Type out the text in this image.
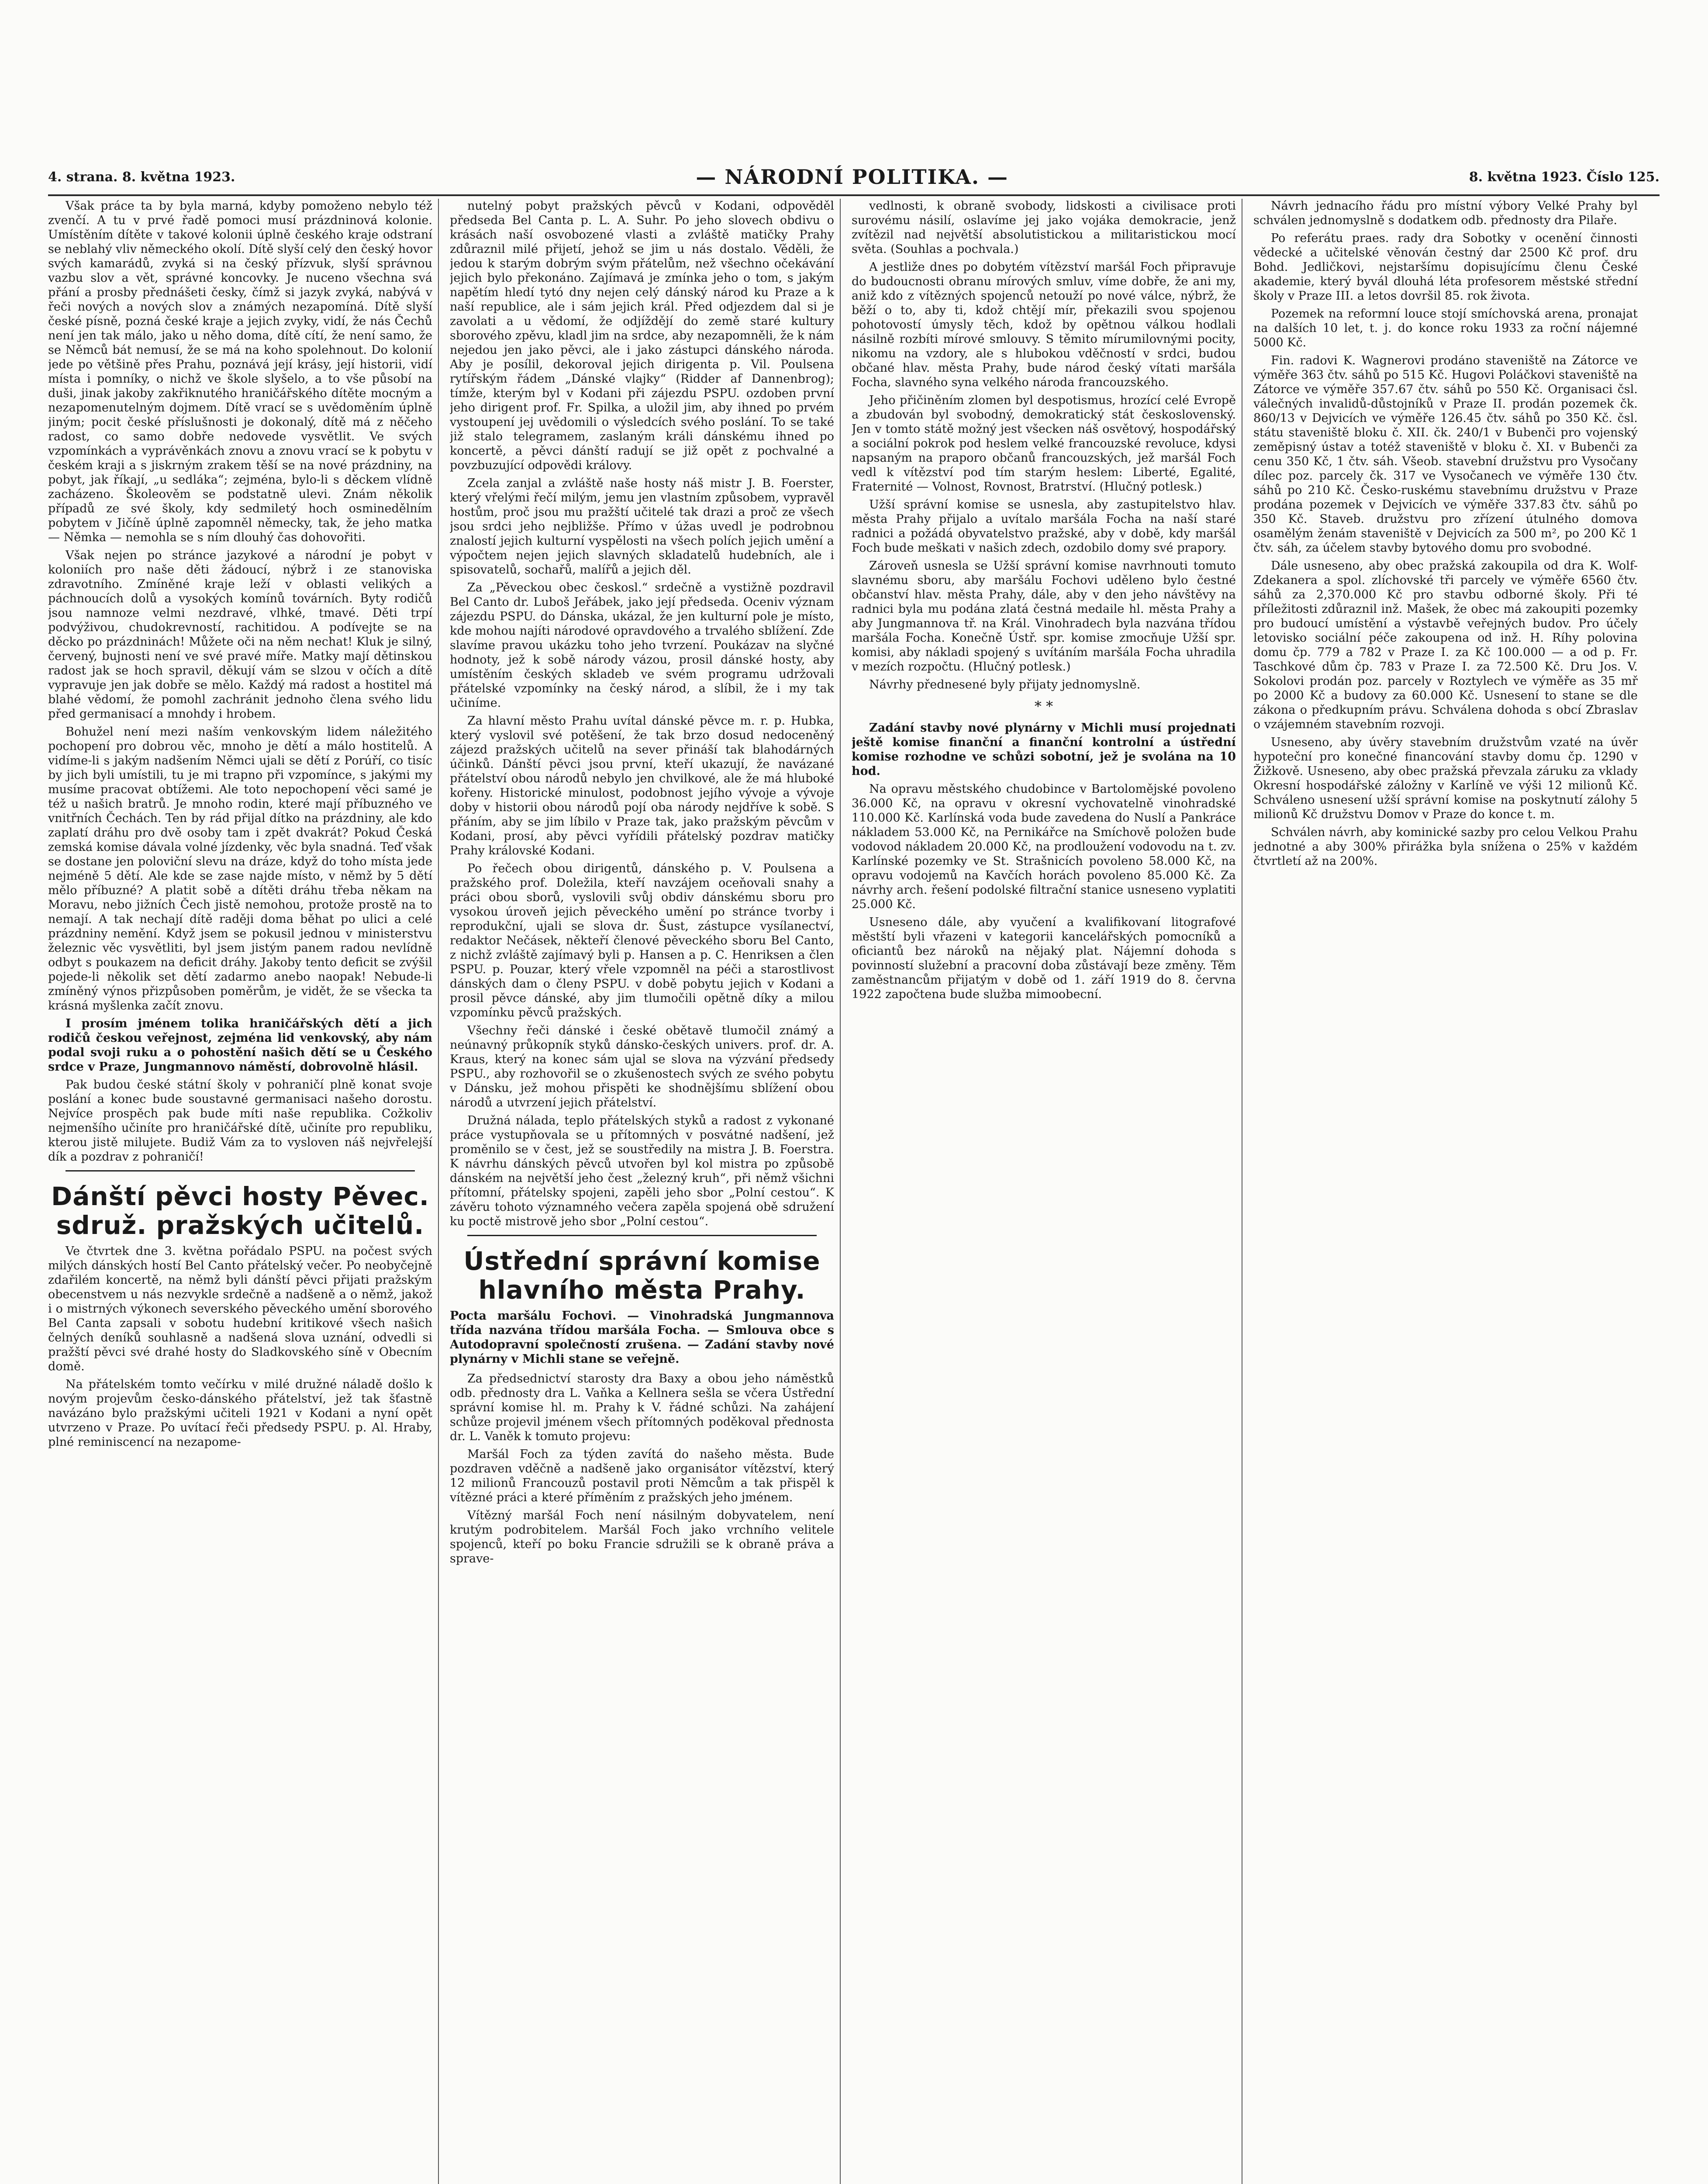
4. strana. 8. května 1923.	— NÁRODNÍ POLITIKA. —	8. května 1923. Číslo 125.

Však práce ta by byla marná, kdyby pomoženo nebylo též zvenčí. A tu v prvé řadě pomoci musí prázdninová kolonie. Umístěním dítěte v takové kolonii úplně českého kraje odstraní se neblahý vliv německého okolí. Dítě slyší celý den český hovor svých kamarádů, zvyká si na český přízvuk, slyší správnou vazbu slov a vět, správné koncovky. Je nuceno všechna svá přání a prosby přednášeti česky, čímž si jazyk zvyká, nabývá v řeči nových a nových slov a známých nezapomíná. Dítě slyší české písně, pozná české kraje a jejich zvyky, vidí, že nás Čechů není jen tak málo, jako u něho doma, dítě cítí, že není samo, že se Němců bát nemusí, že se má na koho spolehnout. Do kolonií jede po většině přes Prahu, poznává její krásy, její historii, vidí místa i pomníky, o nichž ve škole slyšelo, a to vše působí na duši, jinak jakoby zakřiknutého hraničářského dítěte mocným a nezapomenutelným dojmem. Dítě vrací se s uvědoměním úplně jiným; pocit české příslušnosti je dokonalý, dítě má z něčeho radost, co samo dobře nedovede vysvětlit. Ve svých vzpomínkách a vyprávěnkách znovu a znovu vrací se k pobytu v českém kraji a s jiskrným zrakem těší se na nové prázdniny, na pobyt, jak říkají, „u sedláka“; zejména, bylo-li s děckem vlídně zacházeno. Školeověm se podstatně ulevi. Znám několik případů ze své školy, kdy sedmiletý hoch osminedělním pobytem v Jičíně úplně zapomněl německy, tak, že jeho matka — Němka — nemohla se s ním dlouhý čas dohovořiti.

Však nejen po stránce jazykové a národní je pobyt v koloniích pro naše děti žádoucí, nýbrž i ze stanoviska zdravotního. Zmíněné kraje leží v oblasti velikých a páchnoucích dolů a vysokých komínů továrních. Byty rodičů jsou namnoze velmi nezdravé, vlhké, tmavé. Děti trpí podvýživou, chudokrevností, rachitidou. A podívejte se na děcko po prázdninách! Můžete oči na něm nechat! Kluk je silný, červený, bujnosti není ve své pravé míře. Matky mají dětinskou radost jak se hoch spravil, děkují vám se slzou v očích a dítě vypravuje jen jak dobře se mělo. Každý má radost a hostitel má blahé vědomí, že pomohl zachránit jednoho člena svého lidu před germanisací a mnohdy i hrobem.

Bohužel není mezi naším venkovským lidem náležitého pochopení pro dobrou věc, mnoho je dětí a málo hostitelů. A vidíme-li s jakým nadšením Němci ujali se dětí z Porúří, co tisíc by jich byli umístili, tu je mi trapno při vzpomínce, s jakými my musíme pracovat obtížemi. Ale toto nepochopení věci samé je též u našich bratrů. Je mnoho rodin, které mají příbuzného ve vnitřních Čechách. Ten by rád přijal dítko na prázdniny, ale kdo zaplatí dráhu pro dvě osoby tam i zpět dvakrát? Pokud Česká zemská komise dávala volné jízdenky, věc byla snadná. Teď však se dostane jen poloviční slevu na dráze, když do toho místa jede nejméně 5 dětí. Ale kde se zase najde místo, v němž by 5 dětí mělo příbuzné? A platit sobě a dítěti dráhu třeba někam na Moravu, nebo jižních Čech jistě nemohou, protože prostě na to nemají. A tak nechají dítě raději doma běhat po ulici a celé prázdniny nemění. Když jsem se pokusil jednou v ministerstvu železnic věc vysvětliti, byl jsem jistým panem radou nevlídně odbyt s poukazem na deficit dráhy. Jakoby tento deficit se zvýšil pojede-li několik set dětí zadarmo anebo naopak! Nebude-li zmíněný výnos přizpůsoben poměrům, je vidět, že se všecka ta krásná myšlenka začít znovu.

I prosím jménem tolika hraničářských dětí a jich rodičů českou veřejnost, zejména lid venkovský, aby nám podal svoji ruku a o pohostění našich dětí se u Českého srdce v Praze, Jungmannovo náměstí, dobrovolně hlásil.

Pak budou české státní školy v pohraničí plně konat svoje poslání a konec bude soustavné germanisaci našeho dorostu. Nejvíce prospěch pak bude míti naše republika. Cožkoliv nejmenšího učiníte pro hraničářské dítě, učiníte pro republiku, kterou jistě milujete. Budiž Vám za to vysloven náš nejvřelejší dík a pozdrav z pohraničí!

Dánští pěvci hosty Pěvec. sdruž. pražských učitelů.

Ve čtvrtek dne 3. května pořádalo PSPU. na počest svých milých dánských hostí Bel Canto přátelský večer. Po neobyčejně zdařilém koncertě, na němž byli dánští pěvci přijati pražským obecenstvem u nás nezvykle srdečně a nadšeně a o němž, jakož i o mistrných výkonech severského pěveckého umění sborového Bel Canta zapsali v sobotu hudební kritikové všech našich čelných deníků souhlasně a nadšená slova uznání, odvedli si pražští pěvci své drahé hosty do Sladkovského síně v Obecním domě.

Na přátelském tomto večírku v milé družné náladě došlo k novým projevům česko-dánského přátelství, jež tak šťastně navázáno bylo pražskými učiteli 1921 v Kodani a nyní opět utvrzeno v Praze. Po uvítací řeči předsedy PSPU. p. Al. Hraby, plné reminiscencí na nezapome-

nutelný pobyt pražských pěvců v Kodani, odpověděl předseda Bel Canta p. L. A. Suhr. Po jeho slovech obdivu o krásách naší osvobozené vlasti a zvláště matičky Prahy zdůraznil milé přijetí, jehož se jim u nás dostalo. Věděli, že jedou k starým dobrým svým přátelům, než všechno očekávání jejich bylo překonáno. Zajímavá je zmínka jeho o tom, s jakým napětím hledí tytó dny nejen celý dánský národ ku Praze a k naší republice, ale i sám jejich král. Před odjezdem dal si je zavolati a u vědomí, že odjíždějí do země staré kultury sborového zpěvu, kladl jim na srdce, aby nezapomněli, že k nám nejedou jen jako pěvci, ale i jako zástupci dánského národa. Aby je posílil, dekoroval jejich dirigenta p. Vil. Poulsena rytířským řádem „Dánské vlajky“ (Ridder af Dannenbrog); tímže, kterým byl v Kodani při zájezdu PSPU. ozdoben první jeho dirigent prof. Fr. Spilka, a uložil jim, aby ihned po prvém vystoupení jej uvědomili o výsledcích svého poslání. To se také již stalo telegramem, zaslaným králi dánskému ihned po koncertě, a pěvci dánští radují se již opět z pochvalné a povzbuzující odpovědi královy.

Zcela zanjal a zvláště naše hosty náš mistr J. B. Foerster, který vřelými řečí milým, jemu jen vlastním způsobem, vypravěl hostům, proč jsou mu pražští učitelé tak drazi a proč ze všech jsou srdci jeho nejbližše. Přímo v úžas uvedl je podrobnou znalostí jejich kulturní vyspělosti na všech polích jejich umění a výpočtem nejen jejich slavných skladatelů hudebních, ale i spisovatelů, sochařů, malířů a jejich děl.

Za „Pěveckou obec českosl.“ srdečně a vystižně pozdravil Bel Canto dr. Luboš Jeřábek, jako její předseda. Oceniv význam zájezdu PSPU. do Dánska, ukázal, že jen kulturní pole je místo, kde mohou najíti národové opravdového a trvalého sblížení. Zde slavíme pravou ukázku toho jeho tvrzení. Poukázav na slyčné hodnoty, jež k sobě národy vázou, prosil dánské hosty, aby umístěním českých skladeb ve svém programu udržovali přátelské vzpomínky na český národ, a slíbil, že i my tak učiníme.

Za hlavní město Prahu uvítal dánské pěvce m. r. p. Hubka, který vyslovil své potěšení, že tak brzo dosud nedoceněný zájezd pražských učitelů na sever přináší tak blahodárných účinků. Dánští pěvci jsou první, kteří ukazují, že navázané přátelství obou národů nebylo jen chvilkové, ale že má hluboké kořeny. Historické minulost, podobnost jejího vývoje a vývoje doby v historii obou národů pojí oba národy nejdříve k sobě. S přáním, aby se jim líbilo v Praze tak, jako pražským pěvcům v Kodani, prosí, aby pěvci vyřídili přátelský pozdrav matičky Prahy královské Kodani.

Po řečech obou dirigentů, dánského p. V. Poulsena a pražského prof. Doležila, kteří navzájem oceňovali snahy a práci obou sborů, vyslovili svůj obdiv dánskému sboru pro vysokou úroveň jejich pěveckého umění po stránce tvorby i reprodukční, ujali se slova dr. Šust, zástupce vysílanectví, redaktor Nečásek, někteří členové pěveckého sboru Bel Canto, z nichž zvláště zajímavý byli p. Hansen a p. C. Henriksen a člen PSPU. p. Pouzar, který vřele vzpomněl na péči a starostlivost dánských dam o členy PSPU. v době pobytu jejich v Kodani a prosil pěvce dánské, aby jim tlumočili opětně díky a milou vzpomínku pěvců pražských.

Všechny řeči dánské i české obětavě tlumočil známý a neúnavný průkopník styků dánsko-českých univers. prof. dr. A. Kraus, který na konec sám ujal se slova na výzvání předsedy PSPU., aby rozhovořil se o zkušenostech svých ze svého pobytu v Dánsku, jež mohou přispěti ke shodnějšímu sblížení obou národů a utvrzení jejich přátelství.

Družná nálada, teplo přátelských styků a radost z vykonané práce vystupňovala se u přítomných v posvátné nadšení, jež proměnilo se v čest, jež se soustředily na mistra J. B. Foerstra. K návrhu dánských pěvců utvořen byl kol mistra po způsobě dánském na největší jeho čest „železný kruh“, při němž všichni přítomní, přátelsky spojeni, zapěli jeho sbor „Polní cestou“. K závěru tohoto významného večera zapěla spojená obě sdružení ku poctě mistrově jeho sbor „Polní cestou“.

Ústřední správní komise hlavního města Prahy.

Pocta maršálu Fochovi. — Vinohradská Jungmannova třída nazvána třídou maršála Focha. — Smlouva obce s Autodopravní společností zrušena. — Zadání stavby nové plynárny v Michli stane se veřejně.

Za předsednictví starosty dra Baxy a obou jeho náměstků odb. přednosty dra L. Vaňka a Kellnera sešla se včera Ústřední správní komise hl. m. Prahy k V. řádné schůzi. Na zahájení schůze projevil jménem všech přítomných poděkoval přednosta dr. L. Vaněk k tomuto projevu:

Maršál Foch za týden zavítá do našeho města. Bude pozdraven vděčně a nadšeně jako organisátor vítězství, který 12 milionů Francouzů postavil proti Němcům a tak přispěl k vítězné práci a které příměním z pražských jeho jménem.

Vítězný maršál Foch není násilným dobyvatelem, není krutým podrobitelem. Maršál Foch jako vrchního velitele spojenců, kteří po boku Francie sdružili se k obraně práva a sprave-

vedlnosti, k obraně svobody, lidskosti a civilisace proti surovému násilí, oslavíme jej jako vojáka demokracie, jenž zvítězil nad největší absolutistickou a militaristickou mocí světa. (Souhlas a pochvala.)

A jestliže dnes po dobytém vítězství maršál Foch připravuje do budoucnosti obranu mírových smluv, víme dobře, že ani my, aniž kdo z vítězných spojenců netouží po nové válce, nýbrž, že běží o to, aby ti, kdož chtějí mír, překazili svou spojenou pohotovostí úmysly těch, kdož by opětnou válkou hodlali násilně rozbíti mírové smlouvy. S těmito mírumilovnými pocity, nikomu na vzdory, ale s hlubokou vděčností v srdci, budou občané hlav. města Prahy, bude národ český vítati maršála Focha, slavného syna velkého národa francouzského.

Jeho přičiněním zlomen byl despotismus, hrozící celé Evropě a zbudován byl svobodný, demokratický stát československý. Jen v tomto státě možný jest všecken náš osvětový, hospodářský a sociální pokrok pod heslem velké francouzské revoluce, kdysi napsaným na praporo občanů francouzských, jež maršál Foch vedl k vítězství pod tím starým heslem: Liberté, Egalité, Fraternité — Volnost, Rovnost, Bratrství. (Hlučný potlesk.)

Užší správní komise se usnesla, aby zastupitelstvo hlav. města Prahy přijalo a uvítalo maršála Focha na naší staré radnici a požádá obyvatelstvo pražské, aby v době, kdy maršál Foch bude meškati v našich zdech, ozdobilo domy své prapory.

Zároveň usnesla se Užší správní komise navrhnouti tomuto slavnému sboru, aby maršálu Fochovi uděleno bylo čestné občanství hlav. města Prahy, dále, aby v den jeho návštěvy na radnici byla mu podána zlatá čestná medaile hl. města Prahy a aby Jungmannova tř. na Král. Vinohradech byla nazvána třídou maršála Focha. Konečně Ústř. spr. komise zmocňuje Užší spr. komisi, aby nákladi spojený s uvítáním maršála Focha uhradila v mezích rozpočtu. (Hlučný potlesk.)

Návrhy přednesené byly přijaty jednomyslně.

* *

Zadání stavby nové plynárny v Michli musí projednati ještě komise finanční a finanční kontrolní a ústřední komise rozhodne ve schůzi sobotní, jež je svolána na 10 hod.

Na opravu městského chudobince v Bartolomějské povoleno 36.000 Kč, na opravu v okresní vychovatelně vinohradské 110.000 Kč. Karlínská voda bude zavedena do Nuslí a Pankráce nákladem 53.000 Kč, na Pernikářce na Smíchově položen bude vodovod nákladem 20.000 Kč, na prodloužení vodovodu na t. zv. Karlínské pozemky ve St. Strašnicích povoleno 58.000 Kč, na opravu vodojemů na Kavčích horách povoleno 85.000 Kč. Za návrhy arch. řešení podolské filtrační stanice usneseno vyplatiti 25.000 Kč.

Usneseno dále, aby vyučení a kvalifikovaní litografové městští byli vřazeni v kategorii kancelářských pomocníků a oficiantů bez nároků na nějaký plat. Nájemní dohoda s povinností služební a pracovní doba zůstávají beze změny. Těm zaměstnancům přijatým v době od 1. září 1919 do 8. června 1922 započtena bude služba mimoobecní.

Návrh jednacího řádu pro místní výbory Velké Prahy byl schválen jednomyslně s dodatkem odb. přednosty dra Pilaře.

Po referátu praes. rady dra Sobotky v ocenění činnosti vědecké a učitelské věnován čestný dar 2500 Kč prof. dru Bohd. Jedličkovi, nejstaršímu dopisujícímu členu České akademie, který byvál dlouhá léta profesorem městské střední školy v Praze III. a letos dovršil 85. rok života.

Pozemek na reformní louce stojí smíchovská arena, pronajat na dalších 10 let, t. j. do konce roku 1933 za roční nájemné 5000 Kč.

Fin. radovi K. Wagnerovi prodáno staveniště na Zátorce ve výměře 363 čtv. sáhů po 515 Kč. Hugovi Poláčkovi staveniště na Zátorce ve výměře 357.67 čtv. sáhů po 550 Kč. Organisaci čsl. válečných invalidů-důstojníků v Praze II. prodán pozemek čk. 860/13 v Dejvicích ve výměře 126.45 čtv. sáhů po 350 Kč. čsl. státu staveniště bloku č. XII. čk. 240/1 v Bubenči pro vojenský zeměpisný ústav a totéž staveniště v bloku č. XI. v Bubenči za cenu 350 Kč, 1 čtv. sáh. Všeob. stavební družstvu pro Vysočany dílec poz. parcely čk. 317 ve Vysočanech ve výměře 130 čtv. sáhů po 210 Kč. Česko-ruskému stavebnímu družstvu v Praze prodána pozemek v Dejvicích ve výměře 337.83 čtv. sáhů po 350 Kč. Staveb. družstvu pro zřízení útulného domova osamělým ženám staveniště v Dejvicích za 500 m², po 200 Kč 1 čtv. sáh, za účelem stavby bytového domu pro svobodné.

Dále usneseno, aby obec pražská zakoupila od dra K. Wolf-Zdekanera a spol. zlíchovské tři parcely ve výměře 6560 čtv. sáhů za 2,370.000 Kč pro stavbu odborné školy. Při té příležitosti zdůraznil inž. Mašek, že obec má zakoupiti pozemky pro budoucí umístění a výstavbě veřejných budov. Pro účely letovisko sociální péče zakoupena od inž. H. Ríhy polovina domu čp. 779 a 782 v Praze I. za Kč 100.000 — a od p. Fr. Taschkové dům čp. 783 v Praze I. za 72.500 Kč. Dru Jos. V. Sokolovi prodán poz. parcely v Roztylech ve výměře as 35 mř po 2000 Kč a budovy za 60.000 Kč. Usnesení to stane se dle zákona o předkupním právu. Schválena dohoda s obcí Zbraslav o vzájemném stavebním rozvoji.

Usneseno, aby úvěry stavebním družstvům vzaté na úvěr hypoteční pro konečné financování stavby domu čp. 1290 v Žižkově. Usneseno, aby obec pražská převzala záruku za vklady Okresní hospodářské záložny v Karlíně ve výši 12 milionů Kč. Schváleno usnesení užší správní komise na poskytnutí zálohy 5 milionů Kč družstvu Domov v Praze do konce t. m.

Schválen návrh, aby kominické sazby pro celou Velkou Prahu jednotné a aby 300% přirážka byla snížena o 25% v každém čtvrtletí až na 200%.
